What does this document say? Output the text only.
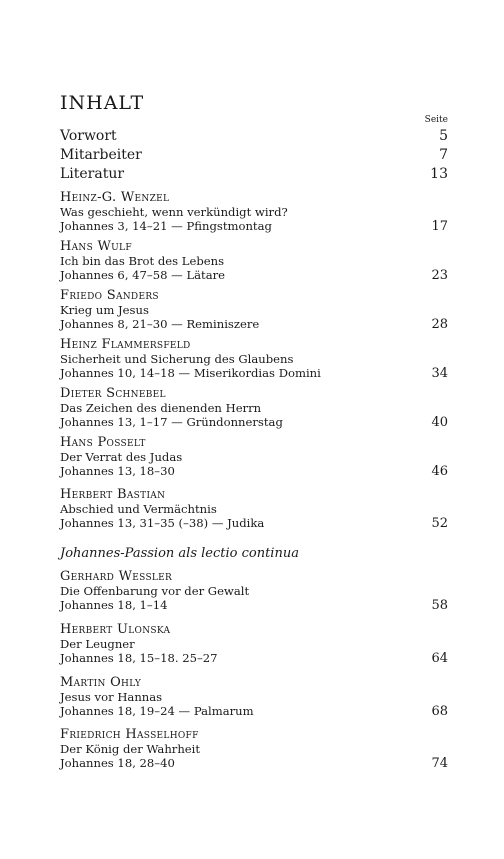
INHALT
Seite
Vorwort	5
Mitarbeiter	7
Literatur	13
Heinz-G. Wenzel
Was geschieht, wenn verkündigt wird?
Johannes 3, 14–21 — Pfingstmontag	17
Hans Wulf
Ich bin das Brot des Lebens
Johannes 6, 47–58 — Lätare	23
Friedo Sanders
Krieg um Jesus
Johannes 8, 21–30 — Reminiszere	28
Heinz Flammersfeld
Sicherheit und Sicherung des Glaubens
Johannes 10, 14–18 — Miserikordias Domini	34
Dieter Schnebel
Das Zeichen des dienenden Herrn
Johannes 13, 1–17 — Gründonnerstag	40
Hans Posselt
Der Verrat des Judas
Johannes 13, 18–30	46
Herbert Bastian
Abschied und Vermächtnis
Johannes 13, 31–35 (–38) — Judika	52
Johannes-Passion als lectio continua
Gerhard Wessler
Die Offenbarung vor der Gewalt
Johannes 18, 1–14	58
Herbert Ulonska
Der Leugner
Johannes 18, 15–18. 25–27	64
Martin Ohly
Jesus vor Hannas
Johannes 18, 19–24 — Palmarum	68
Friedrich Hasselhoff
Der König der Wahrheit
Johannes 18, 28–40	74
